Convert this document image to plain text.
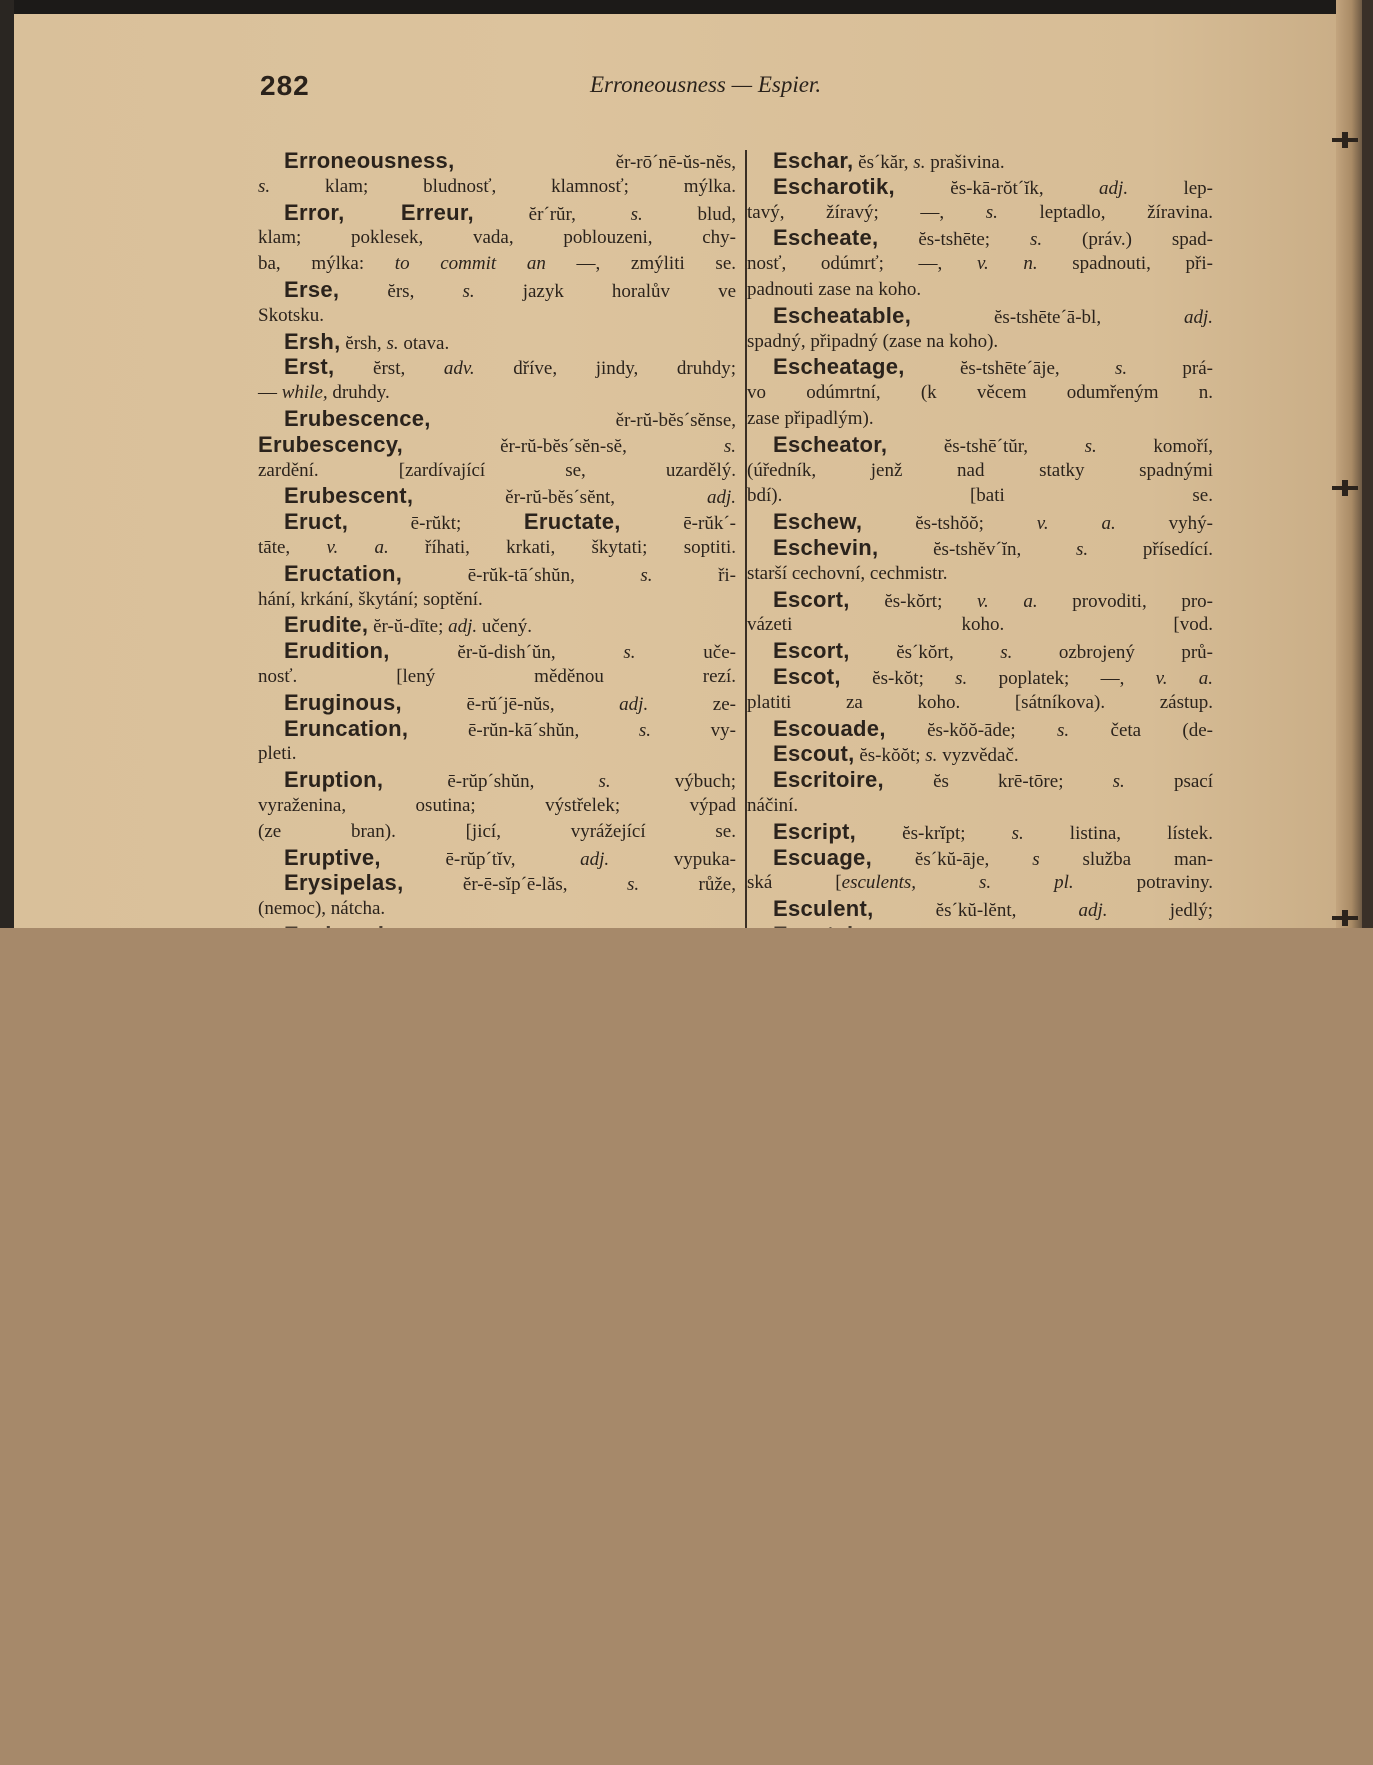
282	Erroneousness — Espier.
Erroneousness, ěr-rō´nē-ŭs-nĕs,
s. klam; bludnosť, klamnosť; mýlka.
Error, Erreur, ĕr´rŭr, s. blud,
klam; poklesek, vada, poblouzeni, chy-
ba, mýlka: to commit an —, zmýliti se.
Erse, ĕrs, s. jazyk horalův ve
Skotsku.
Ersh, ĕrsh, s. otava.
Erst, ĕrst, adv. dříve, jindy, druhdy;
— while, druhdy.
Erubescence, ěr-rŭ-bĕs´sĕnse,
Erubescency, ěr-rŭ-bĕs´sĕn-sĕ, s.
zardění. [zardívající se, uzardělý.
Erubescent, ěr-rŭ-bĕs´sĕnt, adj.
Eruct, ē-rŭkt; Eructate, ē-rŭk´-
tāte, v. a. říhati, krkati, škytati; soptiti.
Eructation, ē-rŭk-tā´shŭn, s. ři-
hání, krkání, škytání; soptění.
Erudite, ĕr-ŭ-dīte; adj. učený.
Erudition, ĕr-ŭ-dish´ŭn, s. uče-
nosť. [lený měděnou rezí.
Eruginous, ē-rŭ´jē-nŭs, adj. ze-
Eruncation, ē-rŭn-kā´shŭn, s. vy-
pleti.
Eruption, ē-rŭp´shŭn, s. výbuch;
vyraženina, osutina; výstřelek; výpad
(ze bran). [jicí, vyrážející se.
Eruptive, ē-rŭp´tĭv, adj. vypuka-
Erysipelas, ĕr-ē-sĭp´ē-lăs, s. růže,
(nemoc), nátcha.
Eschar, ĕs´kăr, s. prašivina.
Escharotik, ĕs-kā-rŏt´ĭk, adj. lep-
tavý, žíravý; —, s. leptadlo, žíravina.
Escheate, ĕs-tshēte; s. (práv.) spad-
nosť, odúmrť; —, v. n. spadnouti, při-
padnouti zase na koho.
Escheatable, ĕs-tshēte´ā-bl, adj.
spadný, připadný (zase na koho).
Escheatage, ĕs-tshēte´āje, s. prá-
vo odúmrtní, (k věcem odumřeným n.
zase připadlým).
Escheator, ĕs-tshē´tŭr, s. komoří,
(úředník, jenž nad statky spadnými
bdí). [bati se.
Eschew, ĕs-tshŏŏ; v. a. vyhý-
Eschevin, ĕs-tshĕv´ĭn, s. přísedící.
starší cechovní, cechmistr.
Escort, ĕs-kŏrt; v. a. provoditi, pro-
vázeti koho. [vod.
Escort, ĕs´kŏrt, s. ozbrojený prů-
Escot, ĕs-kŏt; s. poplatek; —, v. a.
platiti za koho. [sátníkova). zástup.
Escouade, ĕs-kŏŏ-āde; s. četa (de-
Escout, ĕs-kŏŏt; s. vyzvědač.
Escritoire, ĕs krē-tōre; s. psací
náčiní.
Escript, ĕs-krĭpt; s. listina, lístek.
Escuage, ĕs´kŭ-āje, s služba man-
ská [esculents, s. pl. potraviny.
Esculent, ĕs´kŭ-lĕnt, adj. jedlý;
